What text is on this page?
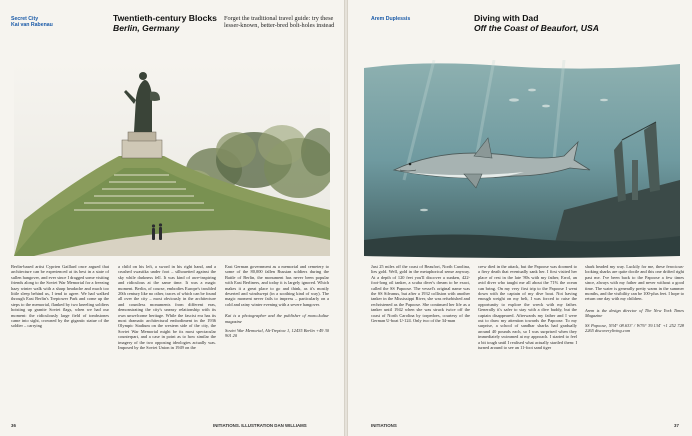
Secret City
Kai van Rabenau
Twentieth-century Blocks
Berlin, Germany
Forget the traditional travel guide: try these lesser-known, better-bred bolt-holes instead

Berlin-based artist Cyprien Gaillard once argued that architecture can be experienced at its best in a state of sullen hangover, and ever since I dragged some visiting friends along to the Soviet War Memorial for a freezing hazy winter walk with a sharp headache and much too little sleep behind us, I tend to agree. We had walked through East Berlin's Treptower Park and come up the steps to the memorial, flanked by two kneeling soldiers hoisting up granite Soviet flags, when we had our moment: the ridiculously large field of tombstones came into sight, crowned by the gigantic statue of the soldier – carrying

a child on his left, a sword in his right hand, and a crushed swastika under foot – silhouetted against the sky while darkness fell. It was kind of awe-inspiring and ridiculous at the same time. It was a magic moment. Berlin, of course, embodies Europe's troubled 20th century like no other, traces of which can be found all over the city – most obviously in the architecture and countless monuments from different eras, demonstrating the city's uneasy relationship with its own unwelcome heritage. While the fascist era has its most dramatic architectural embodiment in the 1936 Olympic Stadium on the western side of the city, the Soviet War Memorial might be its most spectacular counterpart, and a case in point as to how similar the imagery of the two opposing ideologies actually was. Imposed by the Soviet Union in 1949 on the

East German government as a memorial and cemetery to some of the 80,000 fallen Russian soldiers during the Battle of Berlin, the monument has never been popular with East Berliners, and today it is largely ignored. Which makes it a great place to go and think, as it's mostly deserted and windswept (in a soothing kind of way). The magic moment never fails to impress – particularly on a cold and rainy winter evening with a severe hangover.

Kai is a photographer and the publisher of mono.kultur magazine

Soviet War Memorial, Alt-Treptow 1, 12435 Berlin +49 30 901 20

36	INITIATIONS. ILLUSTRATION DAN WILLIAMS
Arem Duplessis	Diving with Dad
Off the Coast of Beaufort, USA

Just 25 miles off the coast of Beaufort, North Carolina, lies gold. Well, gold in the metaphorical sense anyway. At a depth of 120 feet you'll discover a sunken, 422-foot-long oil tanker, a scuba diver's dream to be exact, called the SS Papoose. The vessel's original name was the SS Silvanus, but after a 1932 collision with another tanker in the Mississippi River, she was refurbished and rechristened as the Papoose. She continued her life as a tanker until 1942 when she was struck twice off the coast of North Carolina by torpedoes, courtesy of the German U-boat U-124. Only two of the 34-man

crew died in the attack, but the Papoose was doomed to a fiery death that eventually sank her. I first visited her place of rest in the late '80s with my father, Errol, an avid diver who taught me all about the 71% the ocean can bring. On my very first trip to the Papoose I went down with the captain of my dive boat. Not having enough weight on my belt, I was forced to raise the opportunity to explore the wreck with my father. Generally it's safer to stay with a dive buddy, but the captain disappeared. Afterwards my father and I were out to draw my attention towards the Papoose. To my surprise, a school of sandbar sharks had gradually around 40 pounds each, so I was surprised when they immediately swimmed at my approach. I started to feel a bit tough until I realised what actually startled them: I turned around to see an 11-foot sand tiger

shark headed my way. Luckily for me, these ferocious-looking sharks are quite docile and this one drifted right past me. I've been back to the Papoose a few times since, always with my father and never without a good time. The water is generally pretty warm in the summer months, and the visibility can be 100-plus feet. I hope to return one day with my children.

Arem is the design director of The New York Times Magazine

SS Papoose, N34° 08.633' / W76° 39.134' +1 252 728 2265 discoveryliving.com

INITIATIONS	37
